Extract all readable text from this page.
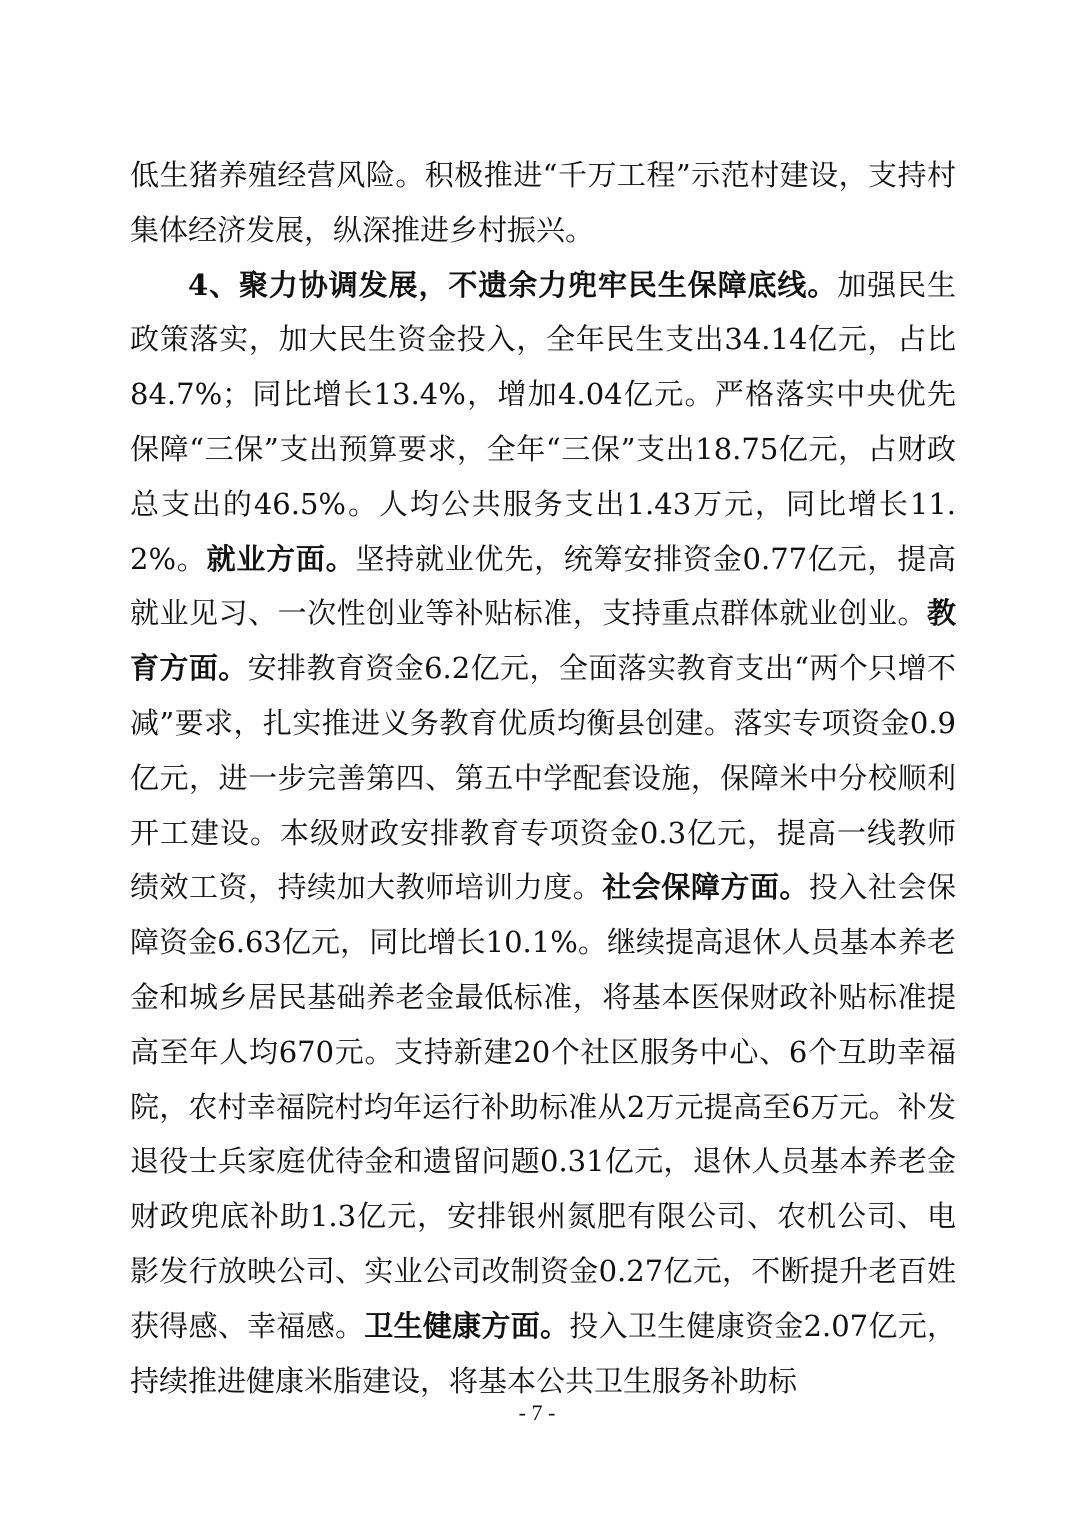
低生猪养殖经营风险。积极推进“千万工程”示范村建设，支持村集体经济发展，纵深推进乡村振兴。

4、聚力协调发展，不遗余力兜牢民生保障底线。加强民生政策落实，加大民生资金投入，全年民生支出34.14亿元，占比84.7%；同比增长13.4%，增加4.04亿元。严格落实中央优先保障“三保”支出预算要求，全年“三保”支出18.75亿元，占财政总支出的46.5%。人均公共服务支出1.43万元，同比增长11.2%。就业方面。坚持就业优先，统筹安排资金0.77亿元，提高就业见习、一次性创业等补贴标准，支持重点群体就业创业。教育方面。安排教育资金6.2亿元，全面落实教育支出“两个只增不减”要求，扎实推进义务教育优质均衡县创建。落实专项资金0.9亿元，进一步完善第四、第五中学配套设施，保障米中分校顺利开工建设。本级财政安排教育专项资金0.3亿元，提高一线教师绩效工资，持续加大教师培训力度。社会保障方面。投入社会保障资金6.63亿元，同比增长10.1%。继续提高退休人员基本养老金和城乡居民基础养老金最低标准，将基本医保财政补贴标准提高至年人均670元。支持新建20个社区服务中心、6个互助幸福院，农村幸福院村均年运行补助标准从2万元提高至6万元。补发退役士兵家庭优待金和遗留问题0.31亿元，退休人员基本养老金财政兜底补助1.3亿元，安排银州氮肥有限公司、农机公司、电影发行放映公司、实业公司改制资金0.27亿元，不断提升老百姓获得感、幸福感。卫生健康方面。投入卫生健康资金2.07亿元，持续推进健康米脂建设，将基本公共卫生服务补助标

- 7 -
